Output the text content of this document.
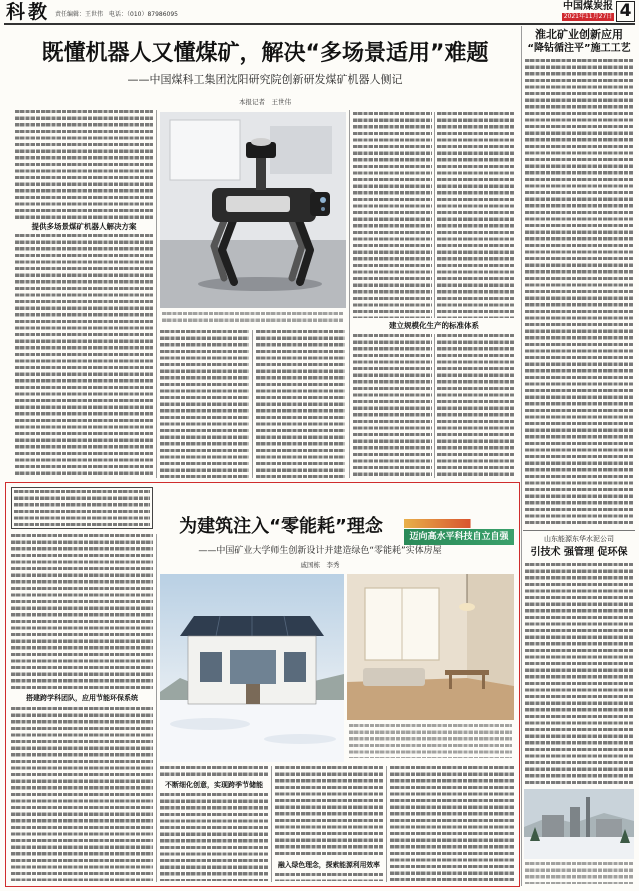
科教 责任编辑：王世伟　电话：（010）87986095
中国煤炭报
2021年11月27日 4
既懂机器人又懂煤矿，解决“多场景适用”难题
——中国煤科工集团沈阳研究院创新研发煤矿机器人侧记
本报记者　王世伟
提供多场景煤矿机器人解决方案
建立规模化生产的标准体系
为建筑注入“零能耗”理念	迈向高水平科技自立自强
——中国矿业大学师生创新设计并建造绿色“零能耗”实体房屋
戚国栋　李秀
搭建跨学科团队，应用节能环保系统
不断细化创意，实现跨季节储能
融入绿色理念，探索能源利用效率
淮北矿业创新应用
“降钻循注平”施工工艺
山东能源东华水泥公司
引技术 强管理 促环保
